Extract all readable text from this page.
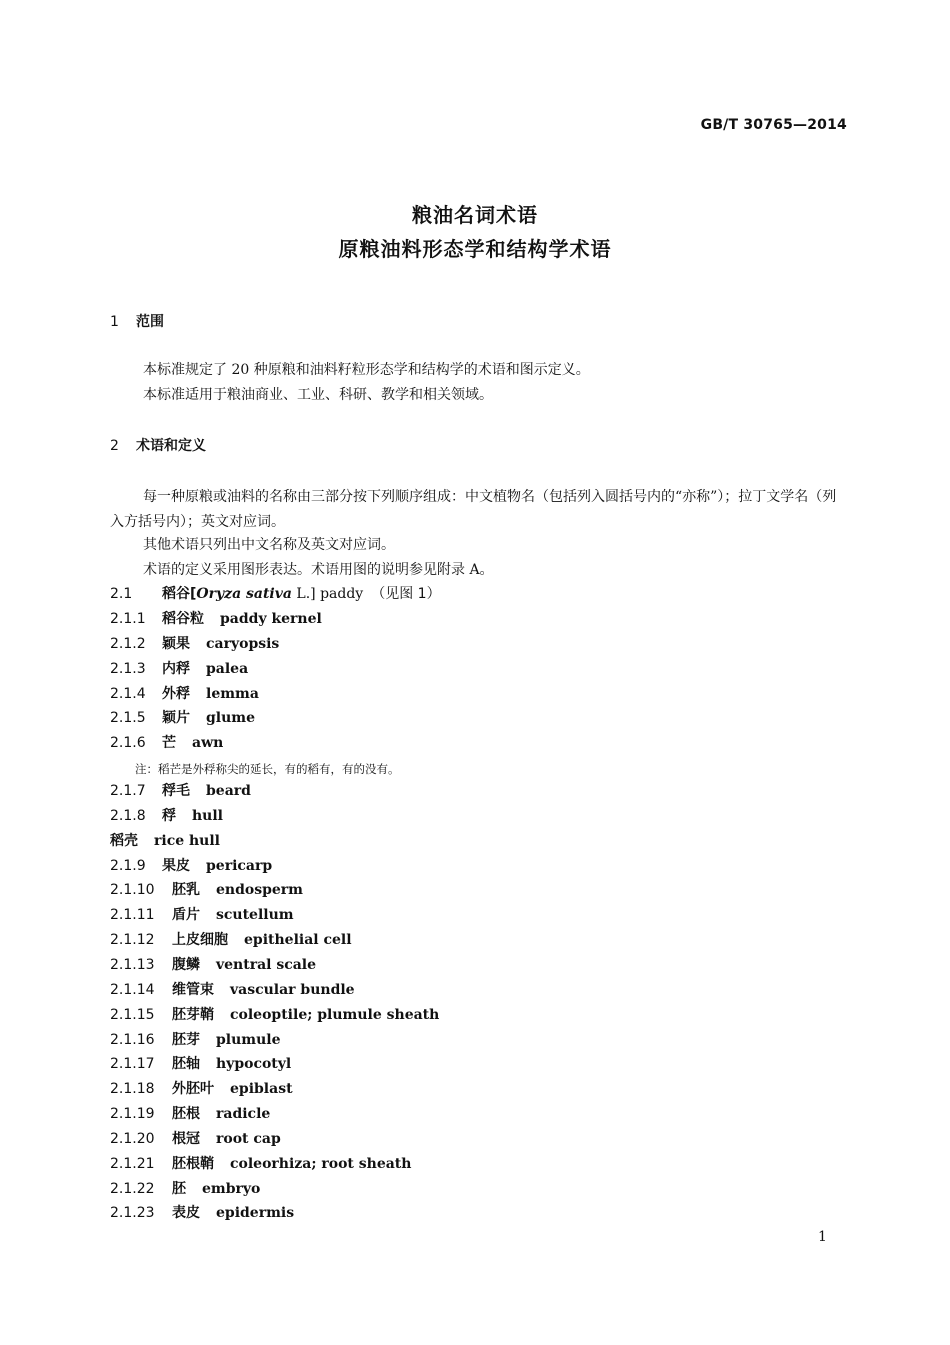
GB/T 30765—2014
粮油名词术语
原粮油料形态学和结构学术语
1 范围
本标准规定了 20 种原粮和油料籽粒形态学和结构学的术语和图示定义。
本标准适用于粮油商业、工业、科研、教学和相关领域。
2 术语和定义
每一种原粮或油料的名称由三部分按下列顺序组成：中文植物名（包括列入圆括号内的“亦称”）；拉丁文学名（列入方括号内）；英文对应词。
其他术语只列出中文名称及英文对应词。
术语的定义采用图形表达。术语用图的说明参见附录 A。
2.1 稻谷[Oryza sativa L.] paddy （见图 1）
2.1.1 稻谷粒 paddy kernel
2.1.2 颖果 caryopsis
2.1.3 内稃 palea
2.1.4 外稃 lemma
2.1.5 颖片 glume
2.1.6 芒 awn
注：稻芒是外稃称尖的延长，有的稻有，有的没有。
2.1.7 稃毛 beard
2.1.8 稃 hull
稻壳 rice hull
2.1.9 果皮 pericarp
2.1.10 胚乳 endosperm
2.1.11 盾片 scutellum
2.1.12 上皮细胞 epithelial cell
2.1.13 腹鳞 ventral scale
2.1.14 维管束 vascular bundle
2.1.15 胚芽鞘 coleoptile; plumule sheath
2.1.16 胚芽 plumule
2.1.17 胚轴 hypocotyl
2.1.18 外胚叶 epiblast
2.1.19 胚根 radicle
2.1.20 根冠 root cap
2.1.21 胚根鞘 coleorhiza; root sheath
2.1.22 胚 embryo
2.1.23 表皮 epidermis
1
